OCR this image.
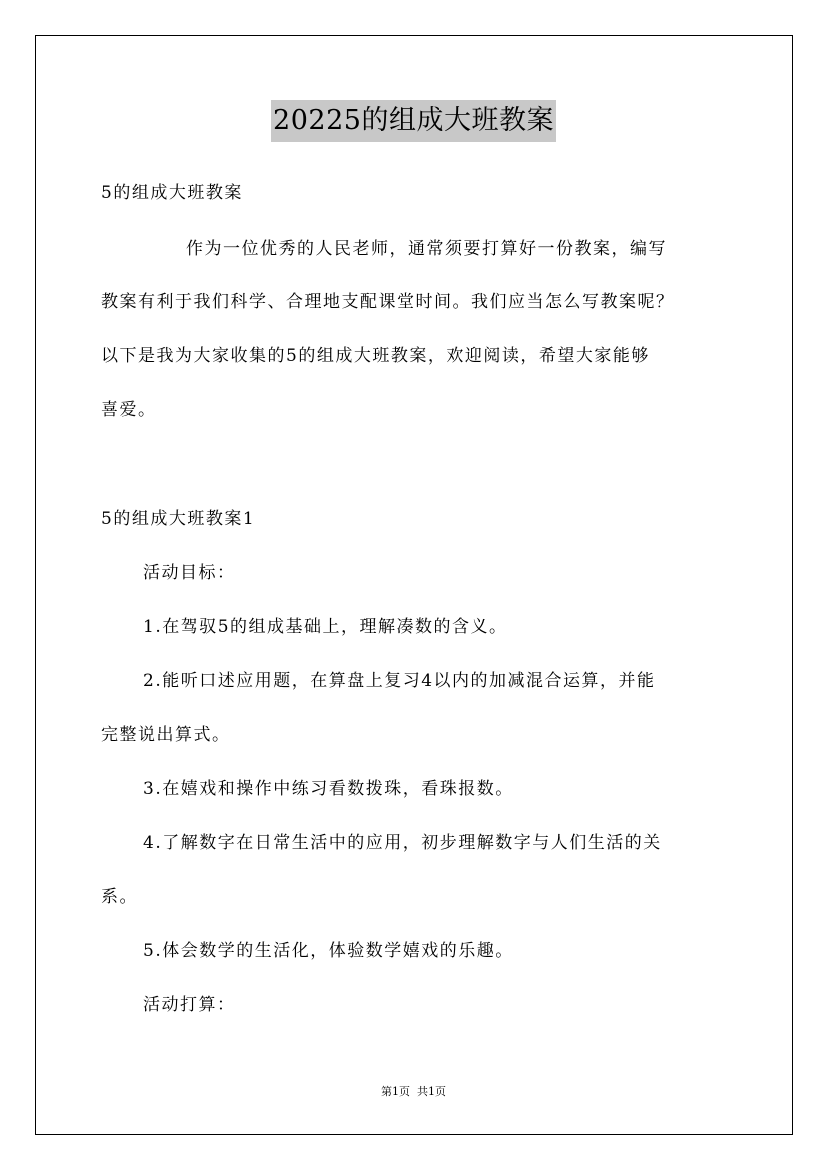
20225的组成大班教案
5的组成大班教案
作为一位优秀的人民老师，通常须要打算好一份教案，编写
教案有利于我们科学、合理地支配课堂时间。我们应当怎么写教案呢？
以下是我为大家收集的5的组成大班教案，欢迎阅读，希望大家能够
喜爱。
5的组成大班教案1
活动目标：
1.在驾驭5的组成基础上，理解凑数的含义。
2.能听口述应用题，在算盘上复习4以内的加减混合运算，并能
完整说出算式。
3.在嬉戏和操作中练习看数拨珠，看珠报数。
4.了解数字在日常生活中的应用，初步理解数字与人们生活的关
系。
5.体会数学的生活化，体验数学嬉戏的乐趣。
活动打算：
第1页  共1页
